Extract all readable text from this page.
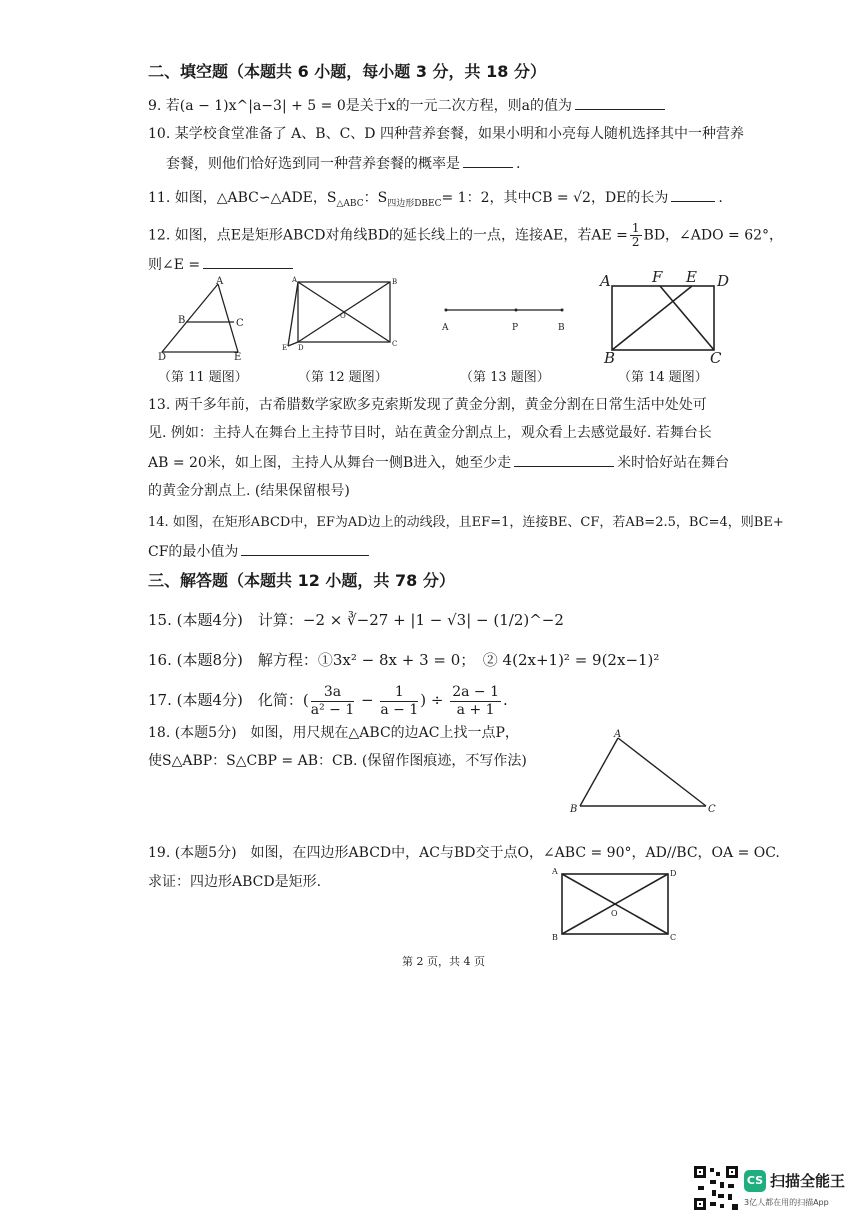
二、填空题（本题共 6 小题，每小题 3 分，共 18 分）
9. 若(a − 1)x^|a−3| + 5 = 0是关于x的一元二次方程，则a的值为
10. 某学校食堂准备了 A、B、C、D 四种营养套餐，如果小明和小亮每人随机选择其中一种营养
套餐，则他们恰好选到同一种营养套餐的概率是	.
11. 如图，△ABC∽△ADE，$S_{\triangle ABC}$：$S_{四边形DBEC}= 1$：2，其中CB = √2，DE的长为	.
12. 如图，点E是矩形ABCD对角线BD的延长线上的一点，连接AE，若AE = $\frac{1}{2}$ BD，∠ADO = 62°，
则∠E =
A
B	C
D	E
A	B
C
D
O
E
A	P	B
A	F E D
B	C
（第 11 题图）	（第 12 题图）	（第 13 题图）	（第 14 题图）
13. 两千多年前，古希腊数学家欧多克索斯发现了黄金分割，黄金分割在日常生活中处处可
见. 例如：主持人在舞台上主持节目时，站在黄金分割点上，观众看上去感觉最好. 若舞台长
AB = 20米，如上图，主持人从舞台一侧B进入，她至少走	米时恰好站在舞台
的黄金分割点上. (结果保留根号)
14. 如图，在矩形ABCD中，EF为AD边上的动线段，且EF=1，连接BE、CF，若AB=2.5，BC=4，则BE+
CF的最小值为
三、解答题（本题共 12 小题，共 78 分）
15. (本题4分)　计算：−2 × ∛−27 + |1 − √3| − (1/2)^−2
16. (本题8分)　解方程：①3x² − 8x + 3 = 0；　② 4(2x+1)² = 9(2x−1)²
17. (本题4分)　化简：( $\frac{3a}{\text{a² − 1}} - \frac{1}{a - 1}$ ) ÷ $\frac{2a - 1}{a + 1}$ .
18. (本题5分)　如图，用尺规在△ABC的边AC上找一点P，
使S△ABP：S△CBP = AB：CB. (保留作图痕迹，不写作法)
A
B	C
19. (本题5分)　如图，在四边形ABCD中，AC与BD交于点O，∠ABC = 90°，AD//BC，OA = OC.
求证：四边形ABCD是矩形.
A	D
O
B	C
第 2 页，共 4 页
CS 扫描全能王
3亿人都在用的扫描App
